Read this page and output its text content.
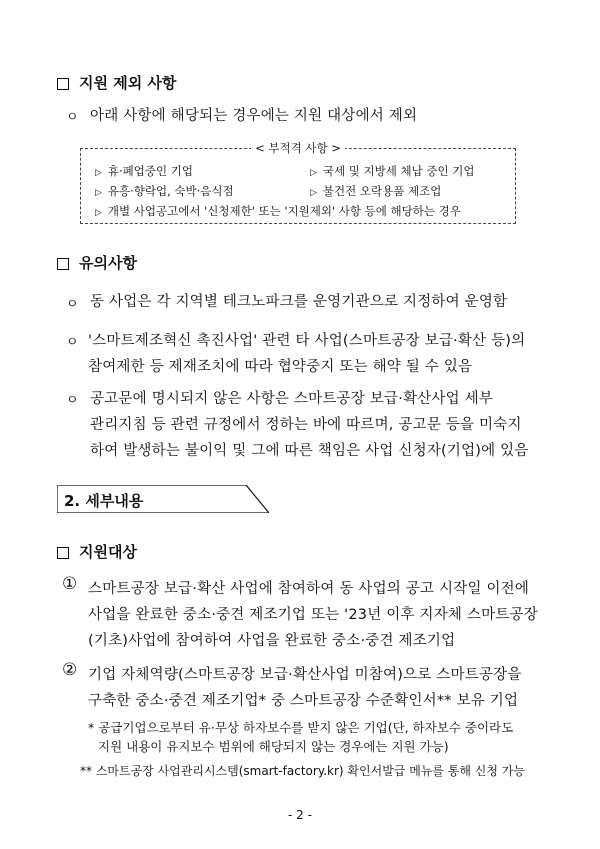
지원 제외 사항
ㅇ 아래 사항에 해당되는 경우에는 지원 대상에서 제외
< 부적격 사항 >
▷ 휴·폐업중인 기업	▷ 국세 및 지방세 체납 중인 기업
▷ 유흥·향락업, 숙박·음식점	▷ 불건전 오락용품 제조업
▷ 개별 사업공고에서 '신청제한' 또는 '지원제외' 사항 등에 해당하는 경우
유의사항
ㅇ 동 사업은 각 지역별 테크노파크를 운영기관으로 지정하여 운영함
ㅇ '스마트제조혁신 촉진사업' 관련 타 사업(스마트공장 보급·확산 등)의
참여제한 등 제재조치에 따라 협약중지 또는 해약 될 수 있음
ㅇ 공고문에 명시되지 않은 사항은 스마트공장 보급·확산사업 세부
관리지침 등 관련 규정에서 정하는 바에 따르며, 공고문 등을 미숙지
하여 발생하는 불이익 및 그에 따른 책임은 사업 신청자(기업)에 있음
2. 세부내용
지원대상
① 스마트공장 보급·확산 사업에 참여하여 동 사업의 공고 시작일 이전에
사업을 완료한 중소·중견 제조기업 또는 '23년 이후 지자체 스마트공장
(기초)사업에 참여하여 사업을 완료한 중소·중견 제조기업
② 기업 자체역량(스마트공장 보급·확산사업 미참여)으로 스마트공장을
구축한 중소·중견 제조기업* 중 스마트공장 수준확인서** 보유 기업
* 공급기업으로부터 유·무상 하자보수를 받지 않은 기업(단, 하자보수 중이라도
지원 내용이 유지보수 범위에 해당되지 않는 경우에는 지원 가능)
** 스마트공장 사업관리시스템(smart-factory.kr) 확인서발급 메뉴를 통해 신청 가능
- 2 -
